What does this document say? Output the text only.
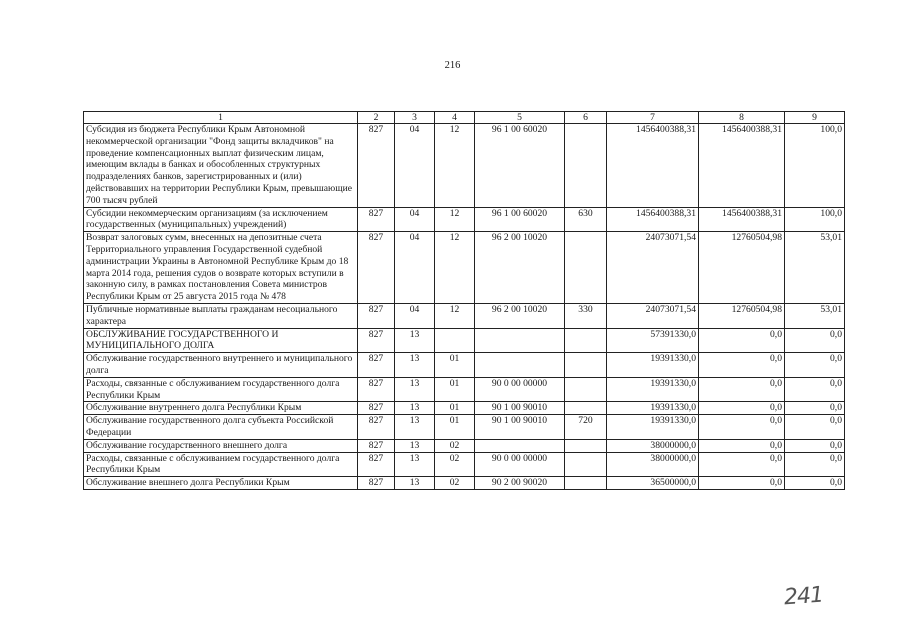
216
1	2	3	4	5	6	7	8	9
Субсидия из бюджета Республики Крым Автономной некоммерческой организации "Фонд защиты вкладчиков" на проведение компенсационных выплат физическим лицам, имеющим вклады в банках и обособленных структурных подразделениях банков, зарегистрированных и (или) действовавших на территории Республики Крым, превышающие 700 тысяч рублей	827	04	12	96 1 00 60020		1456400388,31	1456400388,31	100,0
Субсидии некоммерческим организациям (за исключением государственных (муниципальных) учреждений)	827	04	12	96 1 00 60020	630	1456400388,31	1456400388,31	100,0
Возврат залоговых сумм, внесенных на депозитные счета Территориального управления Государственной судебной администрации Украины в Автономной Республике Крым до 18 марта 2014 года, решения судов о возврате которых вступили в законную силу, в рамках постановления Совета министров Республики Крым от 25 августа 2015 года № 478	827	04	12	96 2 00 10020		24073071,54	12760504,98	53,01
Публичные нормативные выплаты гражданам несоциального характера	827	04	12	96 2 00 10020	330	24073071,54	12760504,98	53,01
ОБСЛУЖИВАНИЕ ГОСУДАРСТВЕННОГО И МУНИЦИПАЛЬНОГО ДОЛГА	827	13				57391330,0	0,0	0,0
Обслуживание государственного внутреннего и муниципального долга	827	13	01			19391330,0	0,0	0,0
Расходы, связанные с обслуживанием государственного долга Республики Крым	827	13	01	90 0 00 00000		19391330,0	0,0	0,0
Обслуживание внутреннего долга Республики Крым	827	13	01	90 1 00 90010		19391330,0	0,0	0,0
Обслуживание государственного долга субъекта Российской Федерации	827	13	01	90 1 00 90010	720	19391330,0	0,0	0,0
Обслуживание государственного внешнего долга	827	13	02			38000000,0	0,0	0,0
Расходы, связанные с обслуживанием государственного долга Республики Крым	827	13	02	90 0 00 00000		38000000,0	0,0	0,0
Обслуживание внешнего долга Республики Крым	827	13	02	90 2 00 90020		36500000,0	0,0	0,0
241
